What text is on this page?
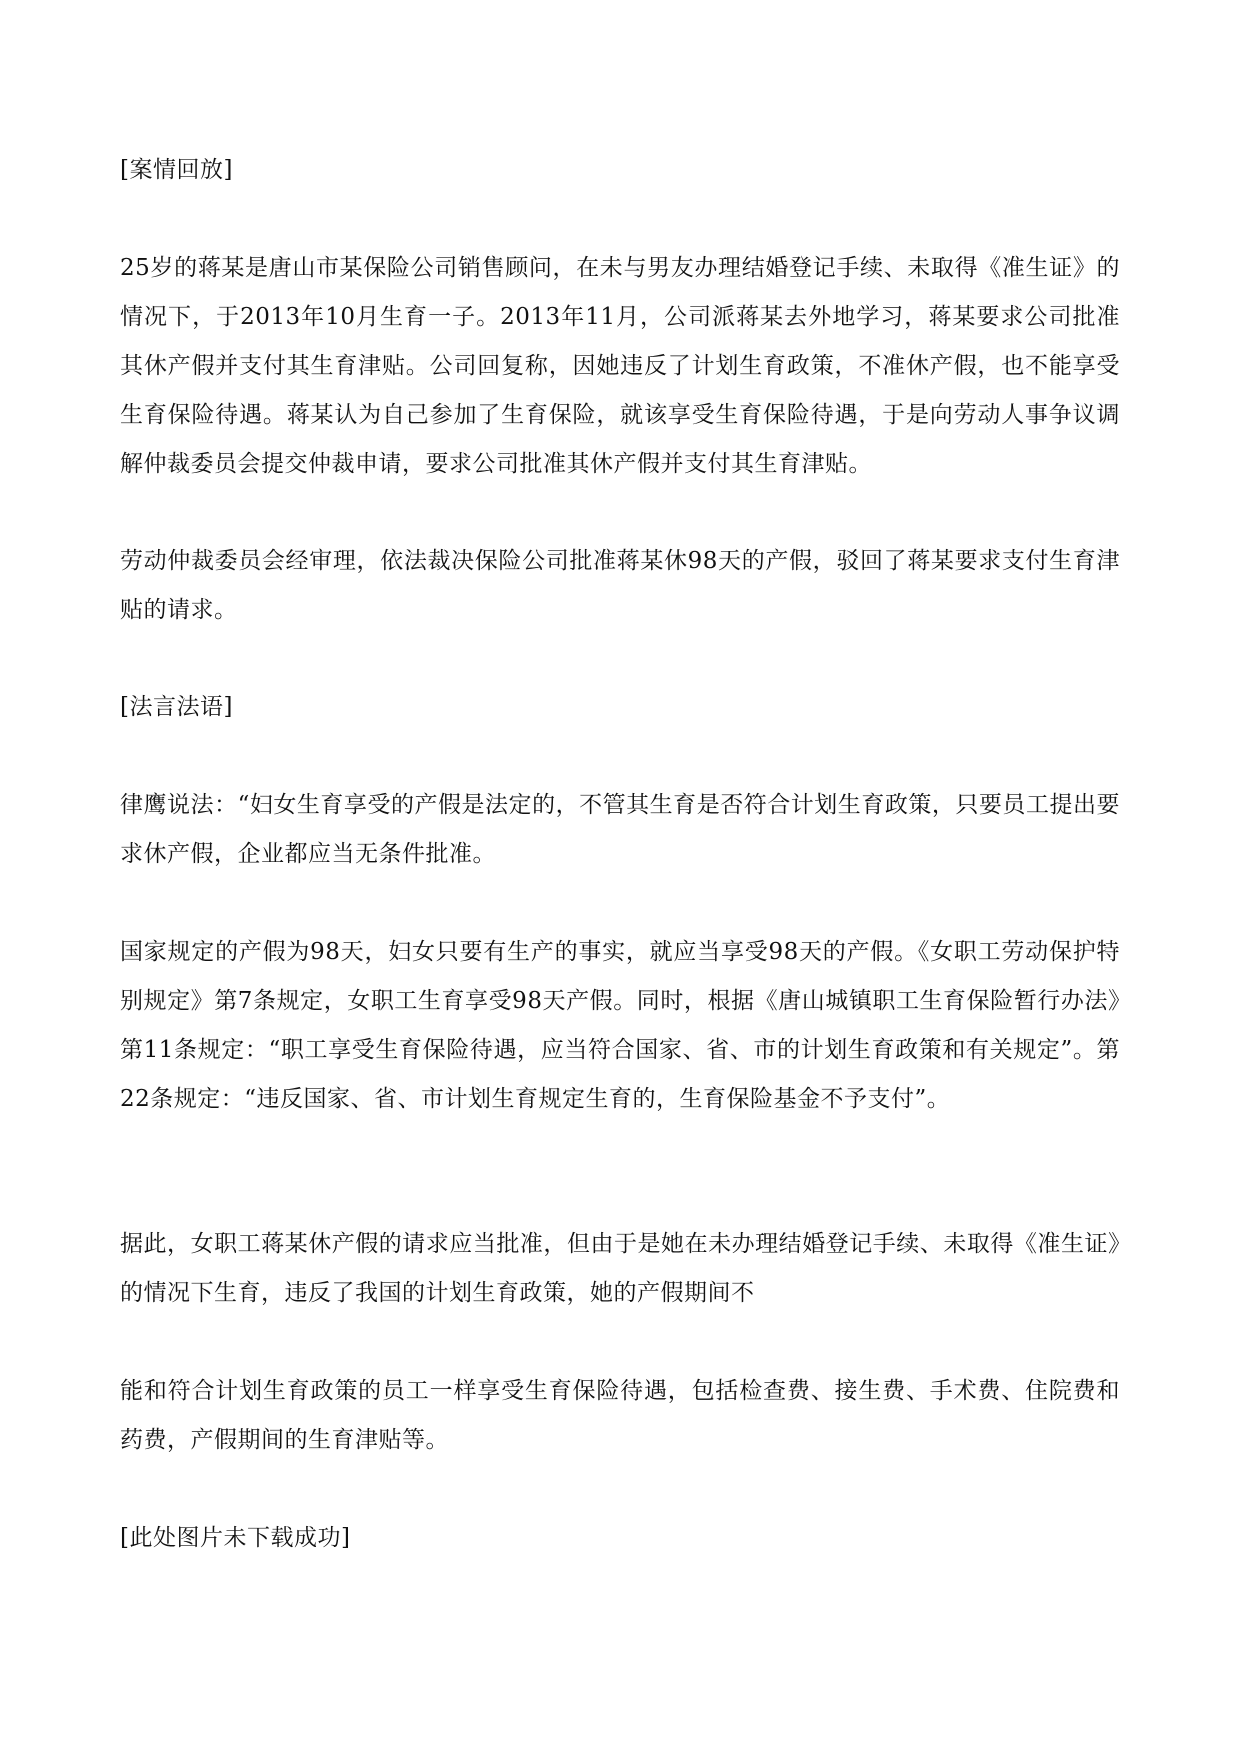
[案情回放]

25岁的蒋某是唐山市某保险公司销售顾问，在未与男友办理结婚登记手续、未取得《准生证》的情况下，于2013年10月生育一子。2013年11月，公司派蒋某去外地学习，蒋某要求公司批准其休产假并支付其生育津贴。公司回复称，因她违反了计划生育政策，不准休产假，也不能享受生育保险待遇。蒋某认为自己参加了生育保险，就该享受生育保险待遇，于是向劳动人事争议调解仲裁委员会提交仲裁申请，要求公司批准其休产假并支付其生育津贴。

劳动仲裁委员会经审理，依法裁决保险公司批准蒋某休98天的产假，驳回了蒋某要求支付生育津贴的请求。

[法言法语]

律鹰说法：“妇女生育享受的产假是法定的，不管其生育是否符合计划生育政策，只要员工提出要求休产假，企业都应当无条件批准。

国家规定的产假为98天，妇女只要有生产的事实，就应当享受98天的产假。《女职工劳动保护特别规定》第7条规定，女职工生育享受98天产假。同时，根据《唐山城镇职工生育保险暂行办法》第11条规定：“职工享受生育保险待遇，应当符合国家、省、市的计划生育政策和有关规定”。第22条规定：“违反国家、省、市计划生育规定生育的，生育保险基金不予支付”。

据此，女职工蒋某休产假的请求应当批准，但由于是她在未办理结婚登记手续、未取得《准生证》的情况下生育，违反了我国的计划生育政策，她的产假期间不

能和符合计划生育政策的员工一样享受生育保险待遇，包括检查费、接生费、手术费、住院费和药费，产假期间的生育津贴等。

[此处图片未下载成功]
